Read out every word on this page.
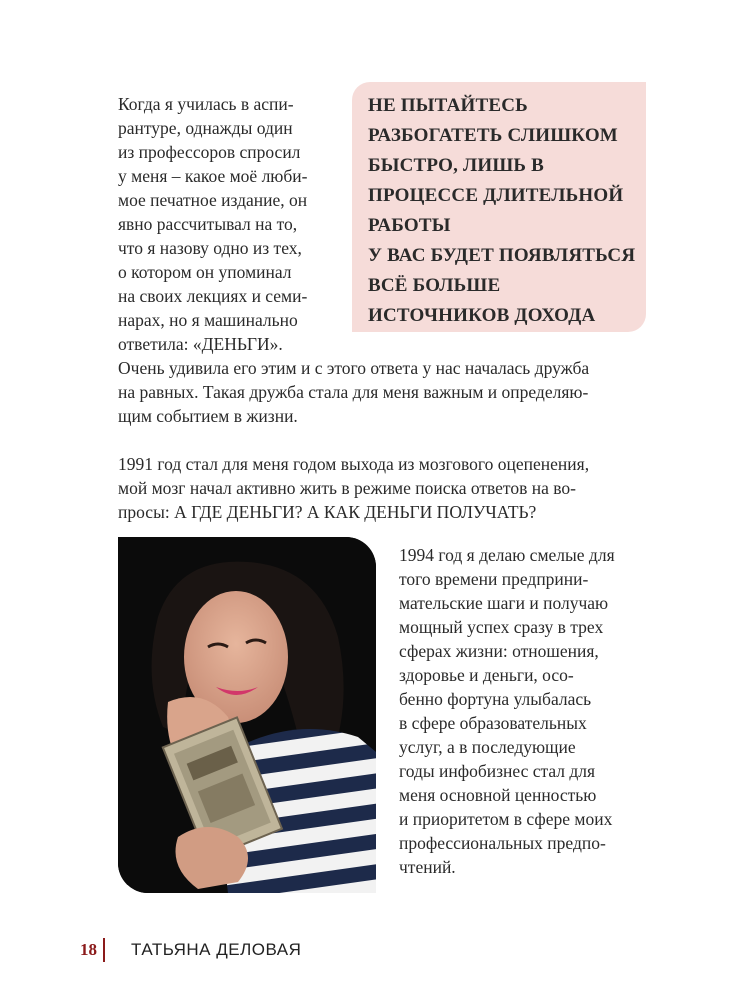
Когда я училась в аспи-
рантуре, однажды один
из профессоров спросил
у меня – какое моё люби-
мое печатное издание, он
явно рассчитывал на то,
что я назову одно из тех,
о котором он упоминал
на своих лекциях и семи-
нарах, но я машинально
ответила: «ДЕНЬГИ».
НЕ ПЫТАЙТЕСЬ
РАЗБОГАТЕТЬ СЛИШКОМ
БЫСТРО, ЛИШЬ В
ПРОЦЕССЕ ДЛИТЕЛЬНОЙ
РАБОТЫ
У ВАС БУДЕТ ПОЯВЛЯТЬСЯ
ВСЁ БОЛЬШЕ
ИСТОЧНИКОВ ДОХОДА
Очень удивила его этим и с этого ответа у нас началась дружба
на равных. Такая дружба стала для меня важным и определяю-
щим событием в жизни.
1991 год стал для меня годом выхода из мозгового оцепенения,
мой мозг начал активно жить в режиме поиска ответов на во-
просы: А ГДЕ ДЕНЬГИ? А КАК ДЕНЬГИ ПОЛУЧАТЬ?
1994 год я делаю смелые для
того времени предприни-
мательские шаги и получаю
мощный успех сразу в трех
сферах жизни: отношения,
здоровье и деньги, осо-
бенно фортуна улыбалась
в сфере образовательных
услуг, а в последующие
годы инфобизнес стал для
меня основной ценностью
и приоритетом в сфере моих
профессиональных предпо-
чтений.
18 ТАТЬЯНА ДЕЛОВАЯ
